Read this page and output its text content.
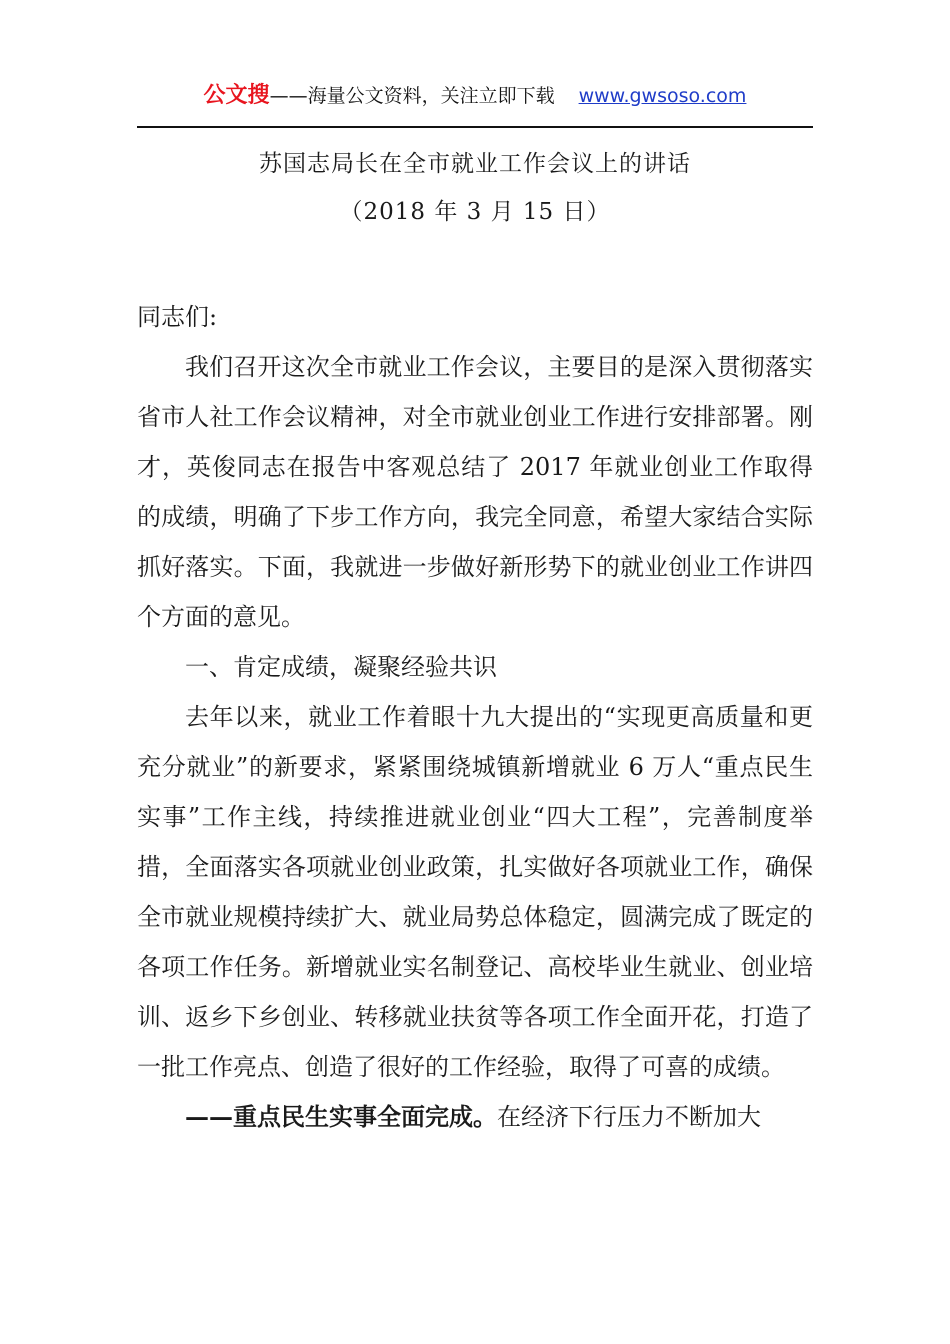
公文搜——海量公文资料，关注立即下载 www.gwsoso.com
苏国志局长在全市就业工作会议上的讲话
（2018 年 3 月 15 日）

同志们:

我们召开这次全市就业工作会议，主要目的是深入贯彻落实省市人社工作会议精神，对全市就业创业工作进行安排部署。刚才，英俊同志在报告中客观总结了 2017 年就业创业工作取得的成绩，明确了下步工作方向，我完全同意，希望大家结合实际抓好落实。下面，我就进一步做好新形势下的就业创业工作讲四个方面的意见。

一、肯定成绩，凝聚经验共识

去年以来，就业工作着眼十九大提出的“实现更高质量和更充分就业”的新要求，紧紧围绕城镇新增就业 6 万人“重点民生实事”工作主线，持续推进就业创业“四大工程”，完善制度举措，全面落实各项就业创业政策，扎实做好各项就业工作，确保全市就业规模持续扩大、就业局势总体稳定，圆满完成了既定的各项工作任务。新增就业实名制登记、高校毕业生就业、创业培训、返乡下乡创业、转移就业扶贫等各项工作全面开花，打造了一批工作亮点、创造了很好的工作经验，取得了可喜的成绩。

——重点民生实事全面完成。在经济下行压力不断加大
